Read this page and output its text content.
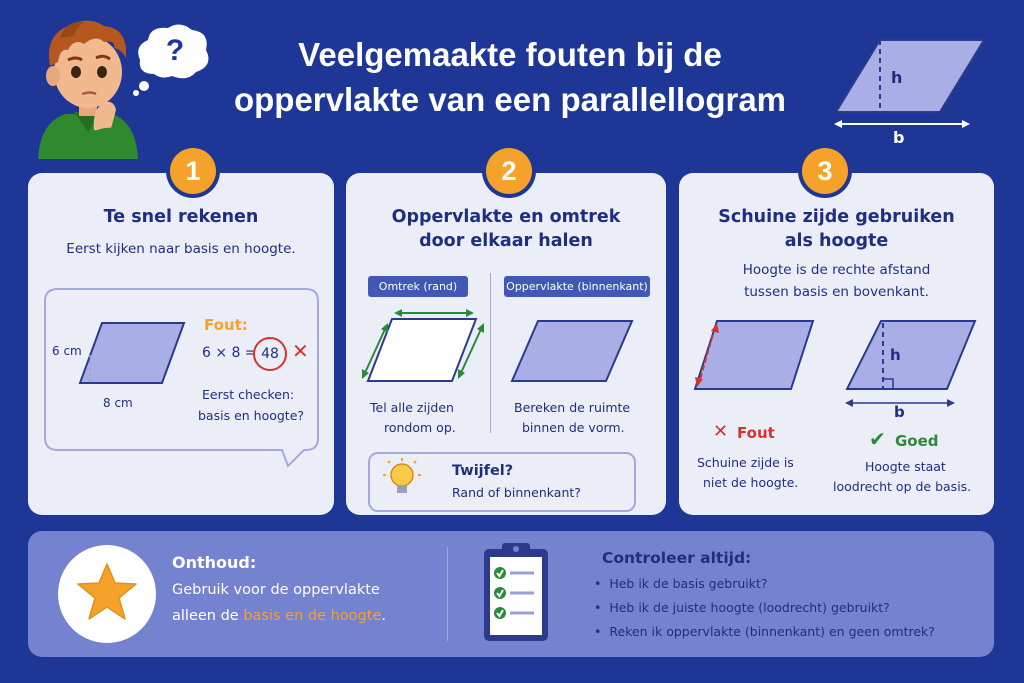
?	Veelgemaakte fouten bij de
oppervlakte van een parallellogram
h
b
Te snel rekenen
Eerst kijken naar basis en hoogte.
6 cm
8 cm
Fout:
6 × 8 = 48 ✕
Eerst checken:
basis en hoogte?
1
Oppervlakte en omtrek
door elkaar halen
Omtrek (rand)	Oppervlakte (binnenkant)
Tel alle zijden
rondom op.
Bereken de ruimte
binnen de vorm.
Twijfel?
Rand of binnenkant?
2
Schuine zijde gebruiken
als hoogte
Hoogte is de rechte afstand
tussen basis en bovenkant.
h
b
✕ Fout	✔ Goed
Schuine zijde is
niet de hoogte.
Hoogte staat
loodrecht op de basis.
3
Onthoud:
Gebruik voor de oppervlakte
alleen de basis en de hoogte.
Controleer altijd:
•  Heb ik de basis gebruikt?
•  Heb ik de juiste hoogte (loodrecht) gebruikt?
•  Reken ik oppervlakte (binnenkant) en geen omtrek?
